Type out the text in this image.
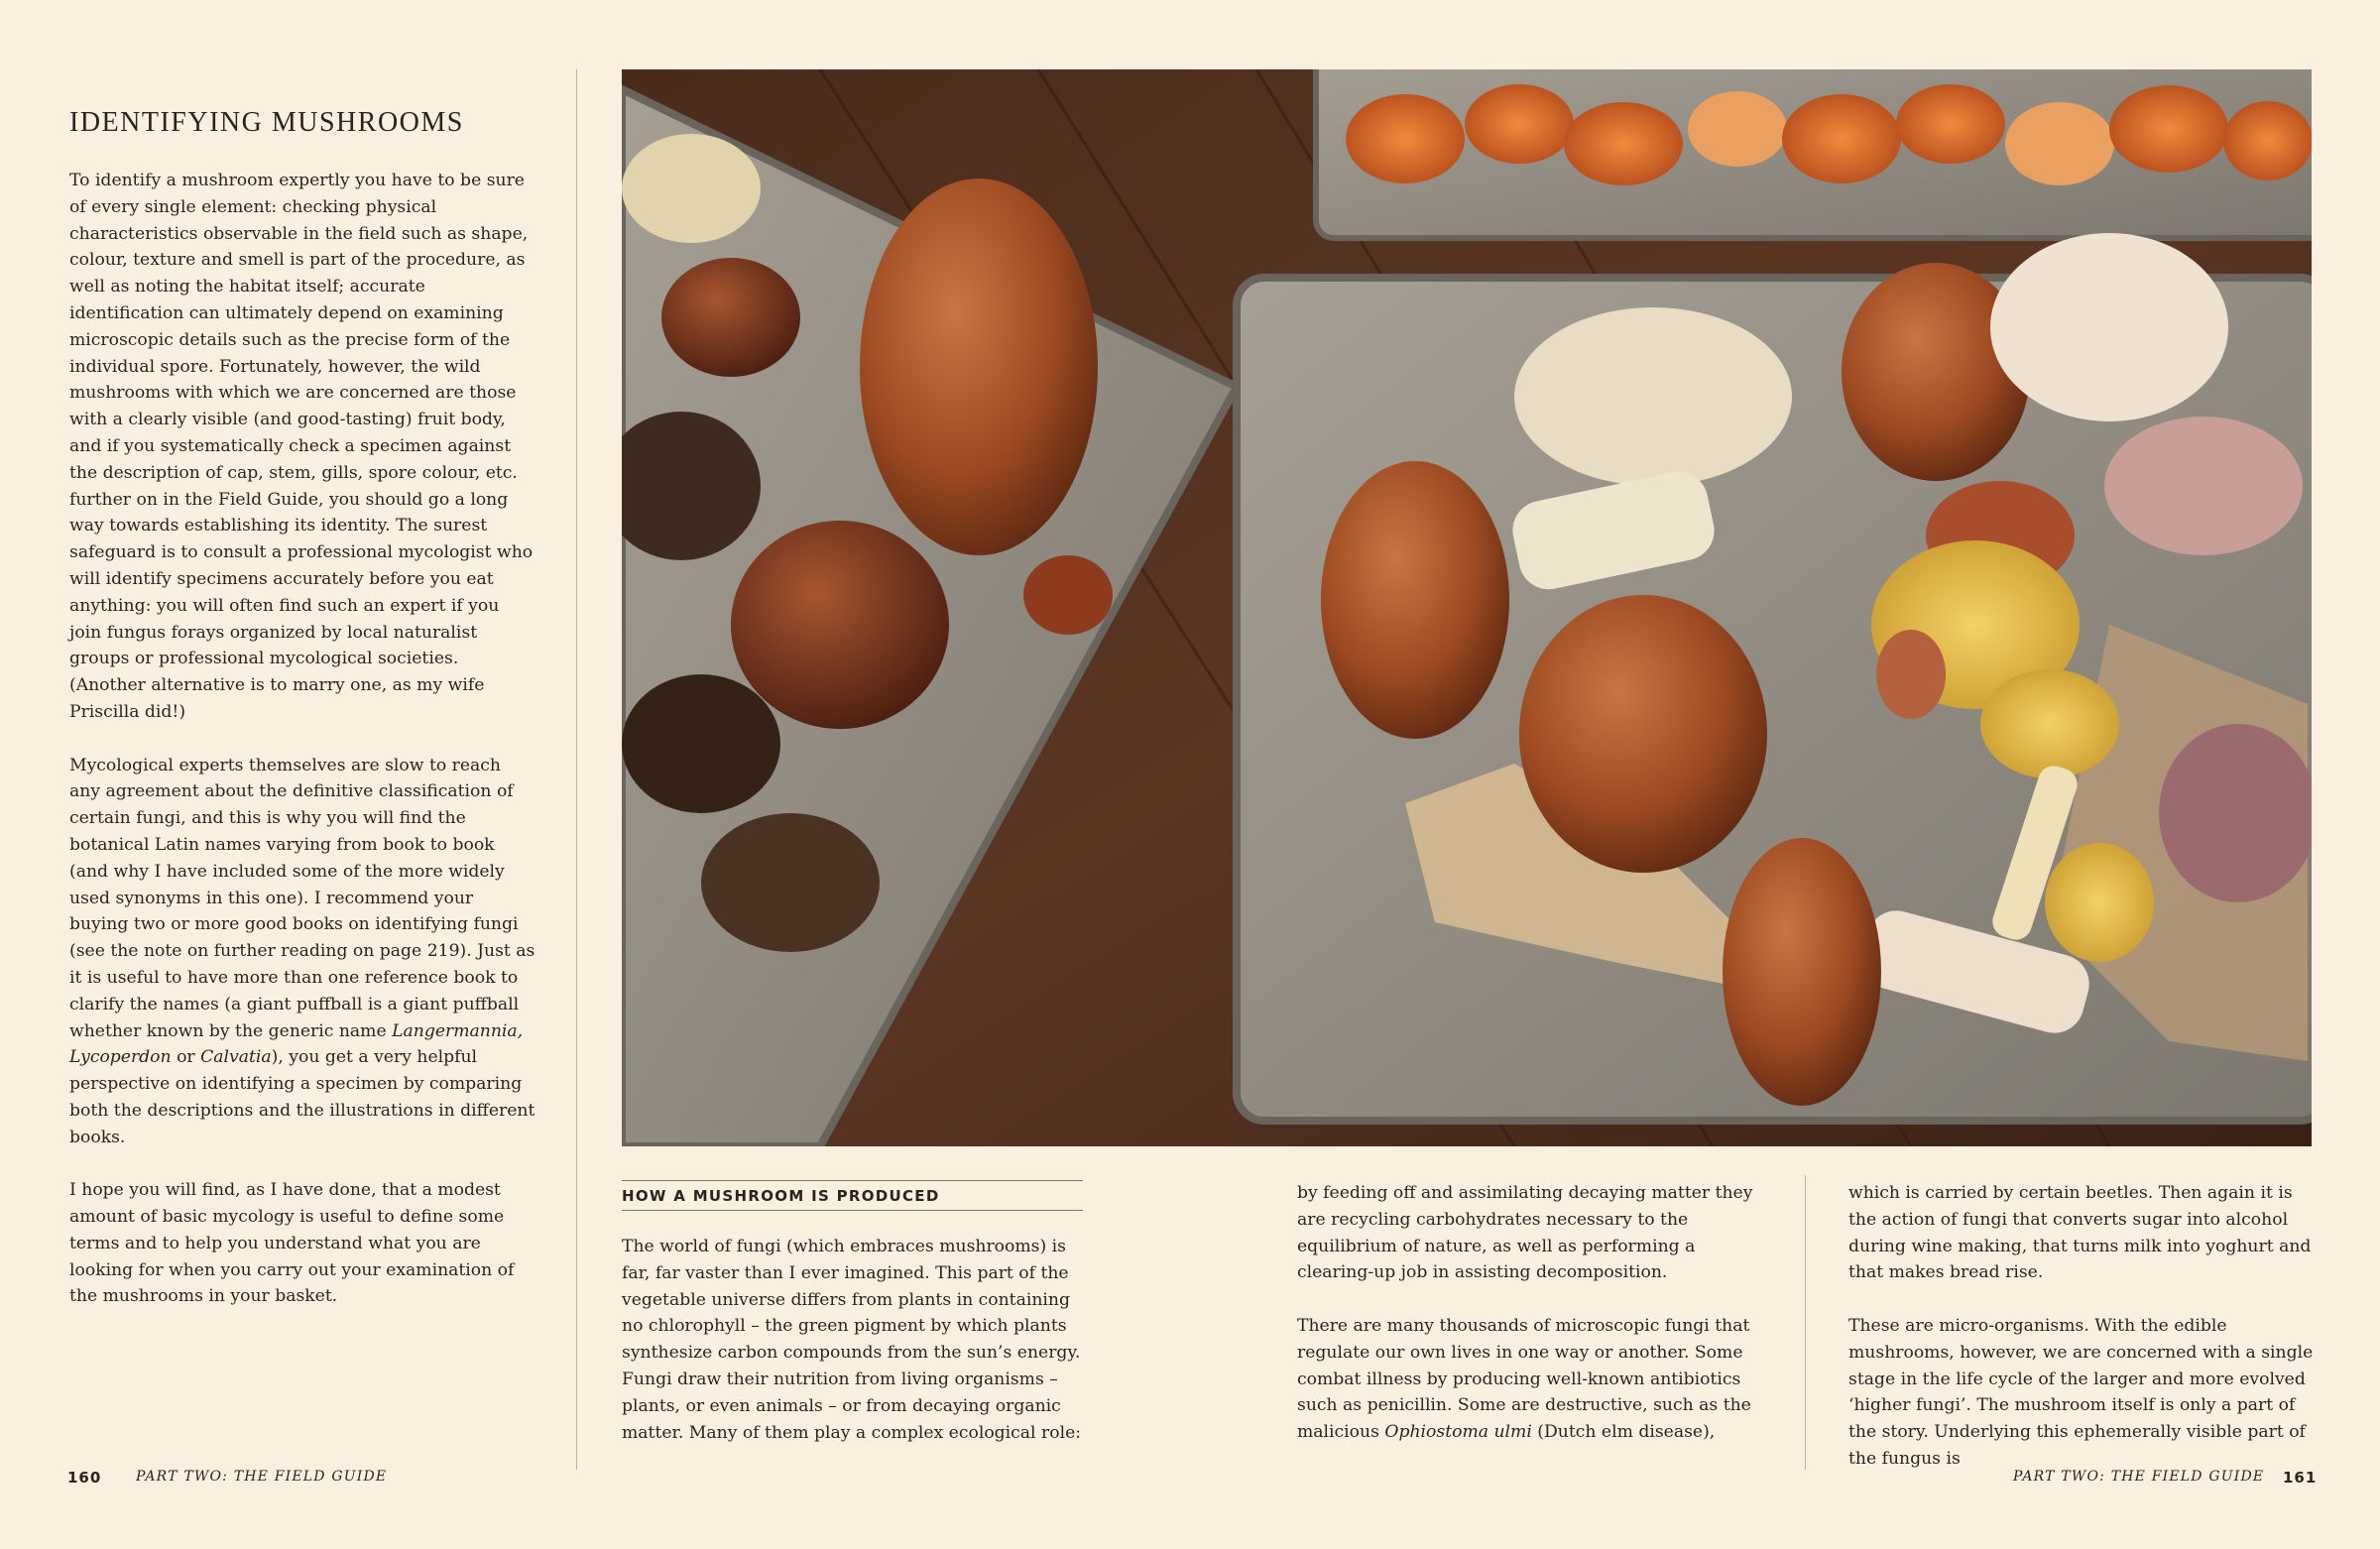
IDENTIFYING MUSHROOMS

To identify a mushroom expertly you have to be sure of every single element: checking physical characteristics observable in the field such as shape, colour, texture and smell is part of the procedure, as well as noting the habitat itself; accurate identification can ultimately depend on examining microscopic details such as the precise form of the individual spore. Fortunately, however, the wild mushrooms with which we are concerned are those with a clearly visible (and good-tasting) fruit body, and if you systematically check a specimen against the description of cap, stem, gills, spore colour, etc. further on in the Field Guide, you should go a long way towards establishing its identity. The surest safeguard is to consult a professional mycologist who will identify specimens accurately before you eat anything: you will often find such an expert if you join fungus forays organized by local naturalist groups or professional mycological societies. (Another alternative is to marry one, as my wife Priscilla did!)

Mycological experts themselves are slow to reach any agreement about the definitive classification of certain fungi, and this is why you will find the botanical Latin names varying from book to book (and why I have included some of the more widely used synonyms in this one). I recommend your buying two or more good books on identifying fungi (see the note on further reading on page 219). Just as it is useful to have more than one reference book to clarify the names (a giant puffball is a giant puffball whether known by the generic name Langermannia, Lycoperdon or Calvatia), you get a very helpful perspective on identifying a specimen by comparing both the descriptions and the illustrations in different books.

I hope you will find, as I have done, that a modest amount of basic mycology is useful to define some terms and to help you understand what you are looking for when you carry out your examination of the mushrooms in your basket.

HOW A MUSHROOM IS PRODUCED

The world of fungi (which embraces mushrooms) is far, far vaster than I ever imagined. This part of the vegetable universe differs from plants in containing no chlorophyll – the green pigment by which plants synthesize carbon compounds from the sun’s energy. Fungi draw their nutrition from living organisms – plants, or even animals – or from decaying organic matter. Many of them play a complex ecological role:

by feeding off and assimilating decaying matter they are recycling carbohydrates necessary to the equilibrium of nature, as well as performing a clearing-up job in assisting decomposition.

There are many thousands of microscopic fungi that regulate our own lives in one way or another. Some combat illness by producing well-known antibiotics such as penicillin. Some are destructive, such as the malicious Ophiostoma ulmi (Dutch elm disease),

which is carried by certain beetles. Then again it is the action of fungi that converts sugar into alcohol during wine making, that turns milk into yoghurt and that makes bread rise.

These are micro-organisms. With the edible mushrooms, however, we are concerned with a single stage in the life cycle of the larger and more evolved ‘higher fungi’. The mushroom itself is only a part of the story. Underlying this ephemerally visible part of the fungus is

160 PART TWO: THE FIELD GUIDE	PART TWO: THE FIELD GUIDE 161
